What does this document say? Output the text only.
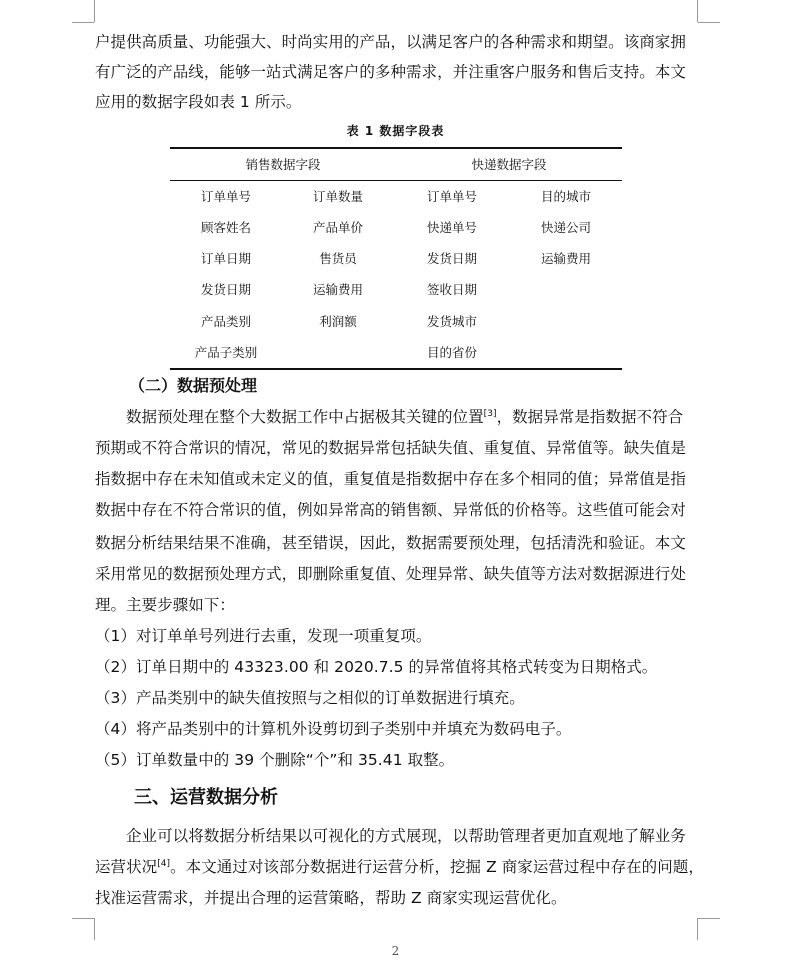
户提供高质量、功能强大、时尚实用的产品，以满足客户的各种需求和期望。该商家拥
有广泛的产品线，能够一站式满足客户的多种需求，并注重客户服务和售后支持。本文
应用的数据字段如表 1 所示。
表 1 数据字段表
销售数据字段	快递数据字段
订单单号
顾客姓名
订单日期
发货日期
产品类别
产品子类别
订单数量
产品单价
售货员
运输费用
利润额
订单单号
快递单号
发货日期
签收日期
发货城市
目的省份
目的城市
快递公司
运输费用
（二）数据预处理
数据预处理在整个大数据工作中占据极其关键的位置[3]，数据异常是指数据不符合
预期或不符合常识的情况，常见的数据异常包括缺失值、重复值、异常值等。缺失值是
指数据中存在未知值或未定义的值，重复值是指数据中存在多个相同的值；异常值是指
数据中存在不符合常识的值，例如异常高的销售额、异常低的价格等。这些值可能会对
数据分析结果结果不准确，甚至错误，因此，数据需要预处理，包括清洗和验证。本文
采用常见的数据预处理方式，即删除重复值、处理异常、缺失值等方法对数据源进行处
理。主要步骤如下：
（1）对订单单号列进行去重，发现一项重复项。
（2）订单日期中的 43323.00 和 2020.7.5 的异常值将其格式转变为日期格式。
（3）产品类别中的缺失值按照与之相似的订单数据进行填充。
（4）将产品类别中的计算机外设剪切到子类别中并填充为数码电子。
（5）订单数量中的 39 个删除“个”和 35.41 取整。
三、运营数据分析
企业可以将数据分析结果以可视化的方式展现，以帮助管理者更加直观地了解业务
运营状况[4]。本文通过对该部分数据进行运营分析，挖掘 Z 商家运营过程中存在的问题，
找准运营需求，并提出合理的运营策略，帮助 Z 商家实现运营优化。
2
